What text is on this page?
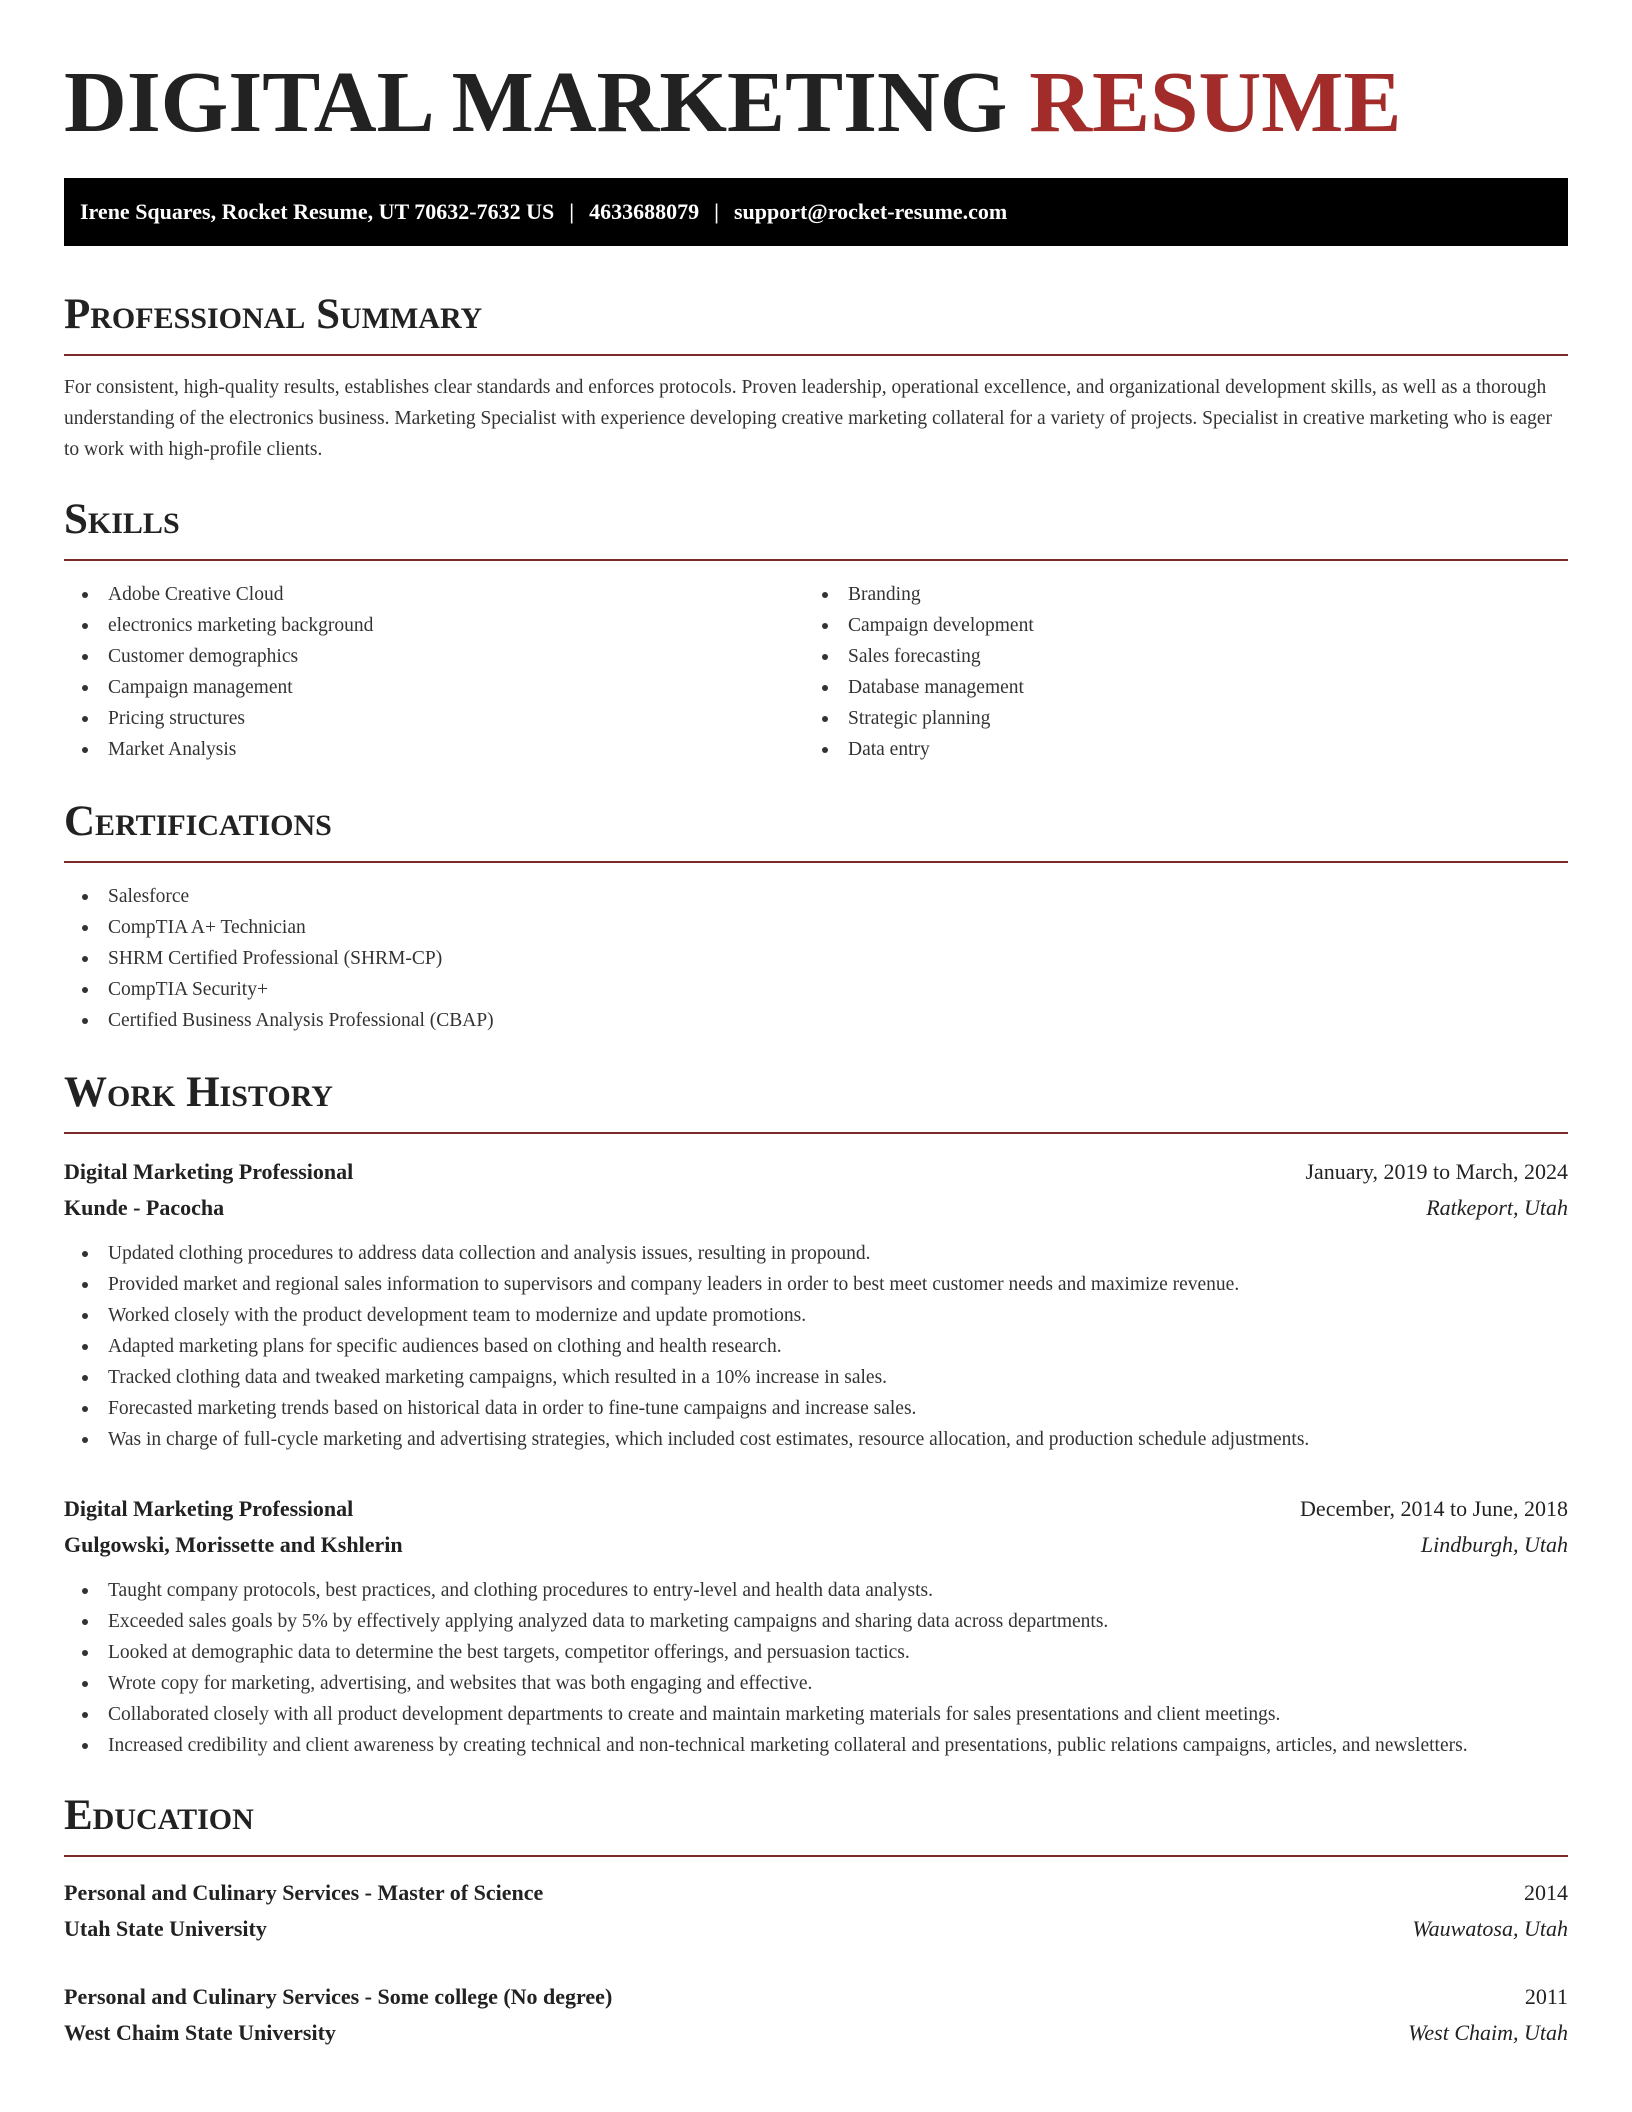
DIGITAL MARKETING RESUME
Irene Squares, Rocket Resume, UT 70632-7632 US | 4633688079 | support@rocket-resume.com
Professional Summary

For consistent, high-quality results, establishes clear standards and enforces protocols. Proven leadership, operational excellence, and organizational development skills, as well as a thorough understanding of the electronics business. Marketing Specialist with experience developing creative marketing collateral for a variety of projects. Specialist in creative marketing who is eager to work with high-profile clients.

Skills
Adobe Creative Cloud
electronics marketing background
Customer demographics
Campaign management
Pricing structures
Market Analysis
Branding
Campaign development
Sales forecasting
Database management
Strategic planning
Data entry
Certifications
Salesforce
CompTIA A+ Technician
SHRM Certified Professional (SHRM-CP)
CompTIA Security+
Certified Business Analysis Professional (CBAP)
Work History
Digital Marketing Professional	January, 2019 to March, 2024
Kunde - Pacocha	Ratkeport, Utah
Updated clothing procedures to address data collection and analysis issues, resulting in propound.
Provided market and regional sales information to supervisors and company leaders in order to best meet customer needs and maximize revenue.
Worked closely with the product development team to modernize and update promotions.
Adapted marketing plans for specific audiences based on clothing and health research.
Tracked clothing data and tweaked marketing campaigns, which resulted in a 10% increase in sales.
Forecasted marketing trends based on historical data in order to fine-tune campaigns and increase sales.
Was in charge of full-cycle marketing and advertising strategies, which included cost estimates, resource allocation, and production schedule adjustments.
Digital Marketing Professional	December, 2014 to June, 2018
Gulgowski, Morissette and Kshlerin	Lindburgh, Utah
Taught company protocols, best practices, and clothing procedures to entry-level and health data analysts.
Exceeded sales goals by 5% by effectively applying analyzed data to marketing campaigns and sharing data across departments.
Looked at demographic data to determine the best targets, competitor offerings, and persuasion tactics.
Wrote copy for marketing, advertising, and websites that was both engaging and effective.
Collaborated closely with all product development departments to create and maintain marketing materials for sales presentations and client meetings.
Increased credibility and client awareness by creating technical and non-technical marketing collateral and presentations, public relations campaigns, articles, and newsletters.
Education
Personal and Culinary Services - Master of Science	2014
Utah State University	Wauwatosa, Utah
Personal and Culinary Services - Some college (No degree)	2011
West Chaim State University	West Chaim, Utah
